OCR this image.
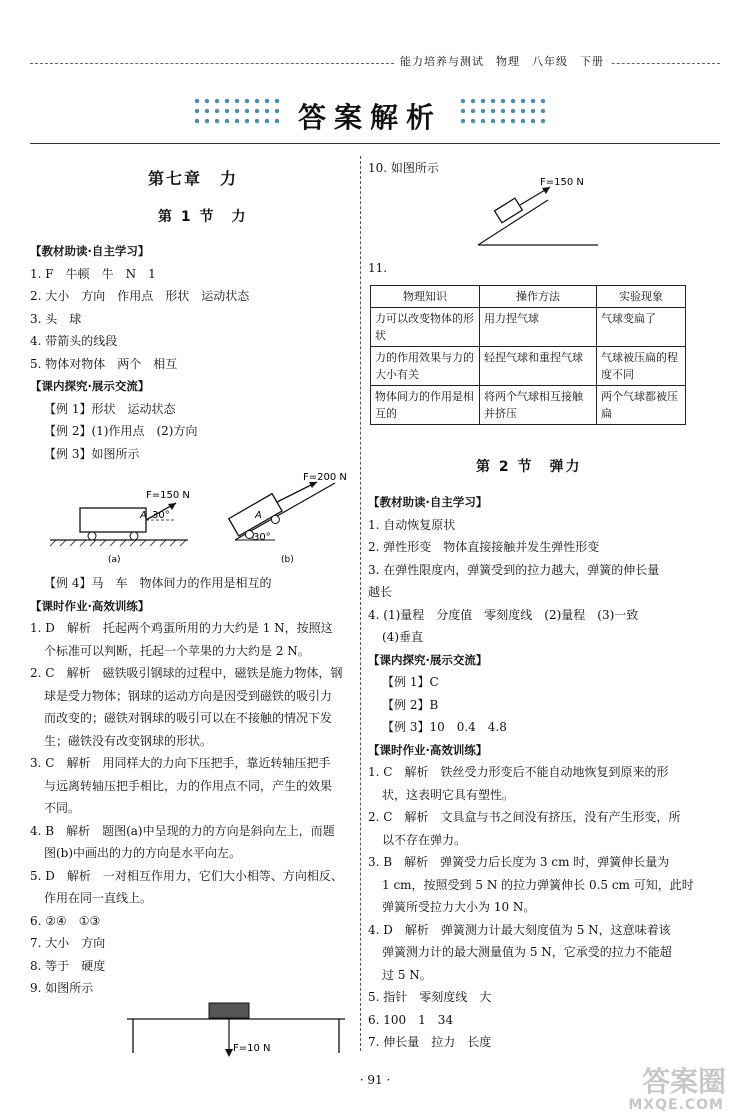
能力培养与测试　物理　八年级　下册
答案解析
第七章　力
第 1 节　力
【教材助读·自主学习】
1. F　牛顿　牛　N　1
2. 大小　方向　作用点　形状　运动状态
3. 头　球
4. 带箭头的线段
5. 物体对物体　两个　相互
【课内探究·展示交流】
【例 1】形状　运动状态
【例 2】(1)作用点　(2)方向
【例 3】如图所示
A
F=150 N
30°
(a)
A
F=200 N
30°
(b)
【例 4】马　车　物体间力的作用是相互的
【课时作业·高效训练】
1. D　解析　托起两个鸡蛋所用的力大约是 1 N，按照这
个标准可以判断，托起一个苹果的力大约是 2 N。
2. C　解析　磁铁吸引钢球的过程中，磁铁是施力物体，钢
球是受力物体；钢球的运动方向是因受到磁铁的吸引力
而改变的；磁铁对钢球的吸引可以在不接触的情况下发
生；磁铁没有改变钢球的形状。
3. C　解析　用同样大的力向下压把手，靠近转轴压把手
与远离转轴压把手相比，力的作用点不同，产生的效果
不同。
4. B　解析　题图(a)中呈现的力的方向是斜向左上，而题
图(b)中画出的力的方向是水平向左。
5. D　解析　一对相互作用力，它们大小相等、方向相反、
作用在同一直线上。
6. ②④　①③
7. 大小　方向
8. 等于　硬度
9. 如图所示
F=10 N
10. 如图所示
F=150 N
11.
第 2 节　弹力
【教材助读·自主学习】
1. 自动恢复原状
2. 弹性形变　物体直接接触并发生弹性形变
3. 在弹性限度内，弹簧受到的拉力越大，弹簧的伸长量
越长
4. (1)量程　分度值　零刻度线　(2)量程　(3)一致
(4)垂直
【课内探究·展示交流】
【例 1】C
【例 2】B
【例 3】10　0.4　4.8
【课时作业·高效训练】
1. C　解析　铁丝受力形变后不能自动地恢复到原来的形
状，这表明它具有塑性。
2. C　解析　文具盒与书之间没有挤压，没有产生形变，所
以不存在弹力。
3. B　解析　弹簧受力后长度为 3 cm 时，弹簧伸长量为
1 cm，按照受到 5 N 的拉力弹簧伸长 0.5 cm 可知，此时
弹簧所受拉力大小为 10 N。
4. D　解析　弹簧测力计最大刻度值为 5 N，这意味着该
弹簧测力计的最大测量值为 5 N，它承受的拉力不能超
过 5 N。
5. 指针　零刻度线　大
6. 100　1　34
7. 伸长量　拉力　长度
物理知识	操作方法	实验现象
力可以改变物体的形状	用力捏气球	气球变扁了
力的作用效果与力的大小有关	轻捏气球和重捏气球	气球被压扁的程度不同
物体间力的作用是相互的	将两个气球相互接触并挤压	两个气球都被压扁
· 91 ·	答案圈
MXQE.COM
